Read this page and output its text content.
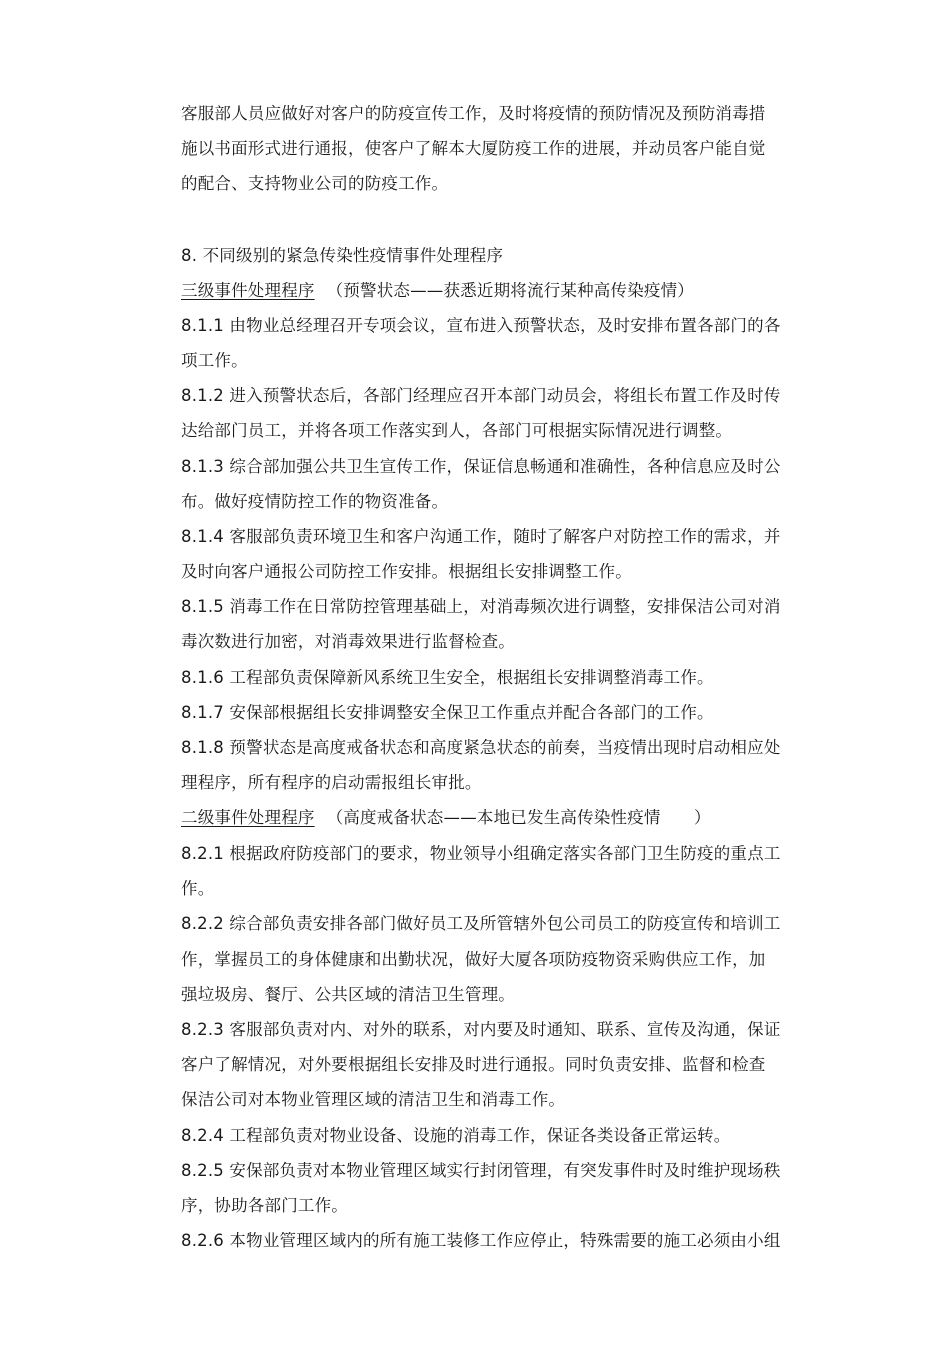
客服部人员应做好对客户的防疫宣传工作，及时将疫情的预防情况及预防消毒措
施以书面形式进行通报，使客户了解本大厦防疫工作的进展，并动员客户能自觉
的配合、支持物业公司的防疫工作。
8. 不同级别的紧急传染性疫情事件处理程序
三级事件处理程序 （预警状态——获悉近期将流行某种高传染疫情）
8.1.1 由物业总经理召开专项会议，宣布进入预警状态，及时安排布置各部门的各
项工作。
8.1.2 进入预警状态后，各部门经理应召开本部门动员会，将组长布置工作及时传
达给部门员工，并将各项工作落实到人，各部门可根据实际情况进行调整。
8.1.3 综合部加强公共卫生宣传工作，保证信息畅通和准确性，各种信息应及时公
布。做好疫情防控工作的物资准备。
8.1.4 客服部负责环境卫生和客户沟通工作，随时了解客户对防控工作的需求，并
及时向客户通报公司防控工作安排。根据组长安排调整工作。
8.1.5 消毒工作在日常防控管理基础上，对消毒频次进行调整，安排保洁公司对消
毒次数进行加密，对消毒效果进行监督检查。
8.1.6 工程部负责保障新风系统卫生安全，根据组长安排调整消毒工作。
8.1.7 安保部根据组长安排调整安全保卫工作重点并配合各部门的工作。
8.1.8 预警状态是高度戒备状态和高度紧急状态的前奏，当疫情出现时启动相应处
理程序，所有程序的启动需报组长审批。
二级事件处理程序 （高度戒备状态——本地已发生高传染性疫情　　）
8.2.1 根据政府防疫部门的要求，物业领导小组确定落实各部门卫生防疫的重点工
作。
8.2.2 综合部负责安排各部门做好员工及所管辖外包公司员工的防疫宣传和培训工
作，掌握员工的身体健康和出勤状况，做好大厦各项防疫物资采购供应工作，加
强垃圾房、餐厅、公共区域的清洁卫生管理。
8.2.3 客服部负责对内、对外的联系，对内要及时通知、联系、宣传及沟通，保证
客户了解情况，对外要根据组长安排及时进行通报。同时负责安排、监督和检查
保洁公司对本物业管理区域的清洁卫生和消毒工作。
8.2.4 工程部负责对物业设备、设施的消毒工作，保证各类设备正常运转。
8.2.5 安保部负责对本物业管理区域实行封闭管理，有突发事件时及时维护现场秩
序，协助各部门工作。
8.2.6 本物业管理区域内的所有施工装修工作应停止，特殊需要的施工必须由小组
